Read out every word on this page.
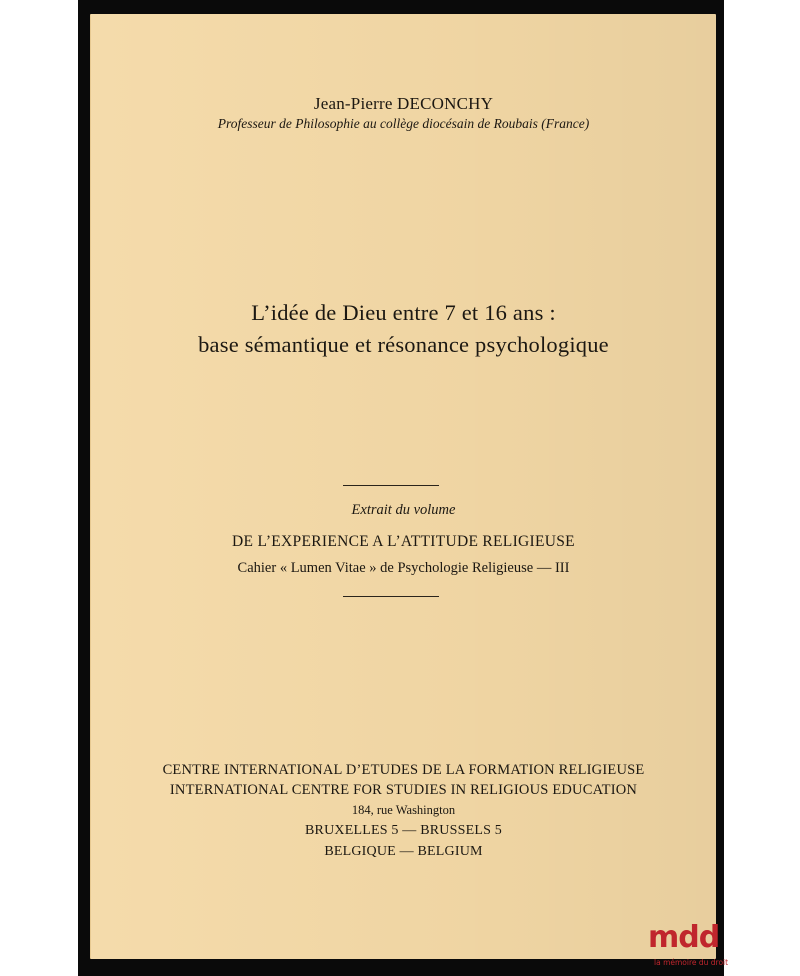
Jean-Pierre DECONCHY
Professeur de Philosophie au collège diocésain de Roubais (France)
L’idée de Dieu entre 7 et 16 ans :
base sémantique et résonance psychologique
Extrait du volume
DE L’EXPERIENCE A L’ATTITUDE RELIGIEUSE
Cahier « Lumen Vitae » de Psychologie Religieuse — III
CENTRE INTERNATIONAL D’ETUDES DE LA FORMATION RELIGIEUSE
INTERNATIONAL CENTRE FOR STUDIES IN RELIGIOUS EDUCATION
184, rue Washington
BRUXELLES 5 — BRUSSELS 5
BELGIQUE — BELGIUM
mdd
la mémoire du droit
